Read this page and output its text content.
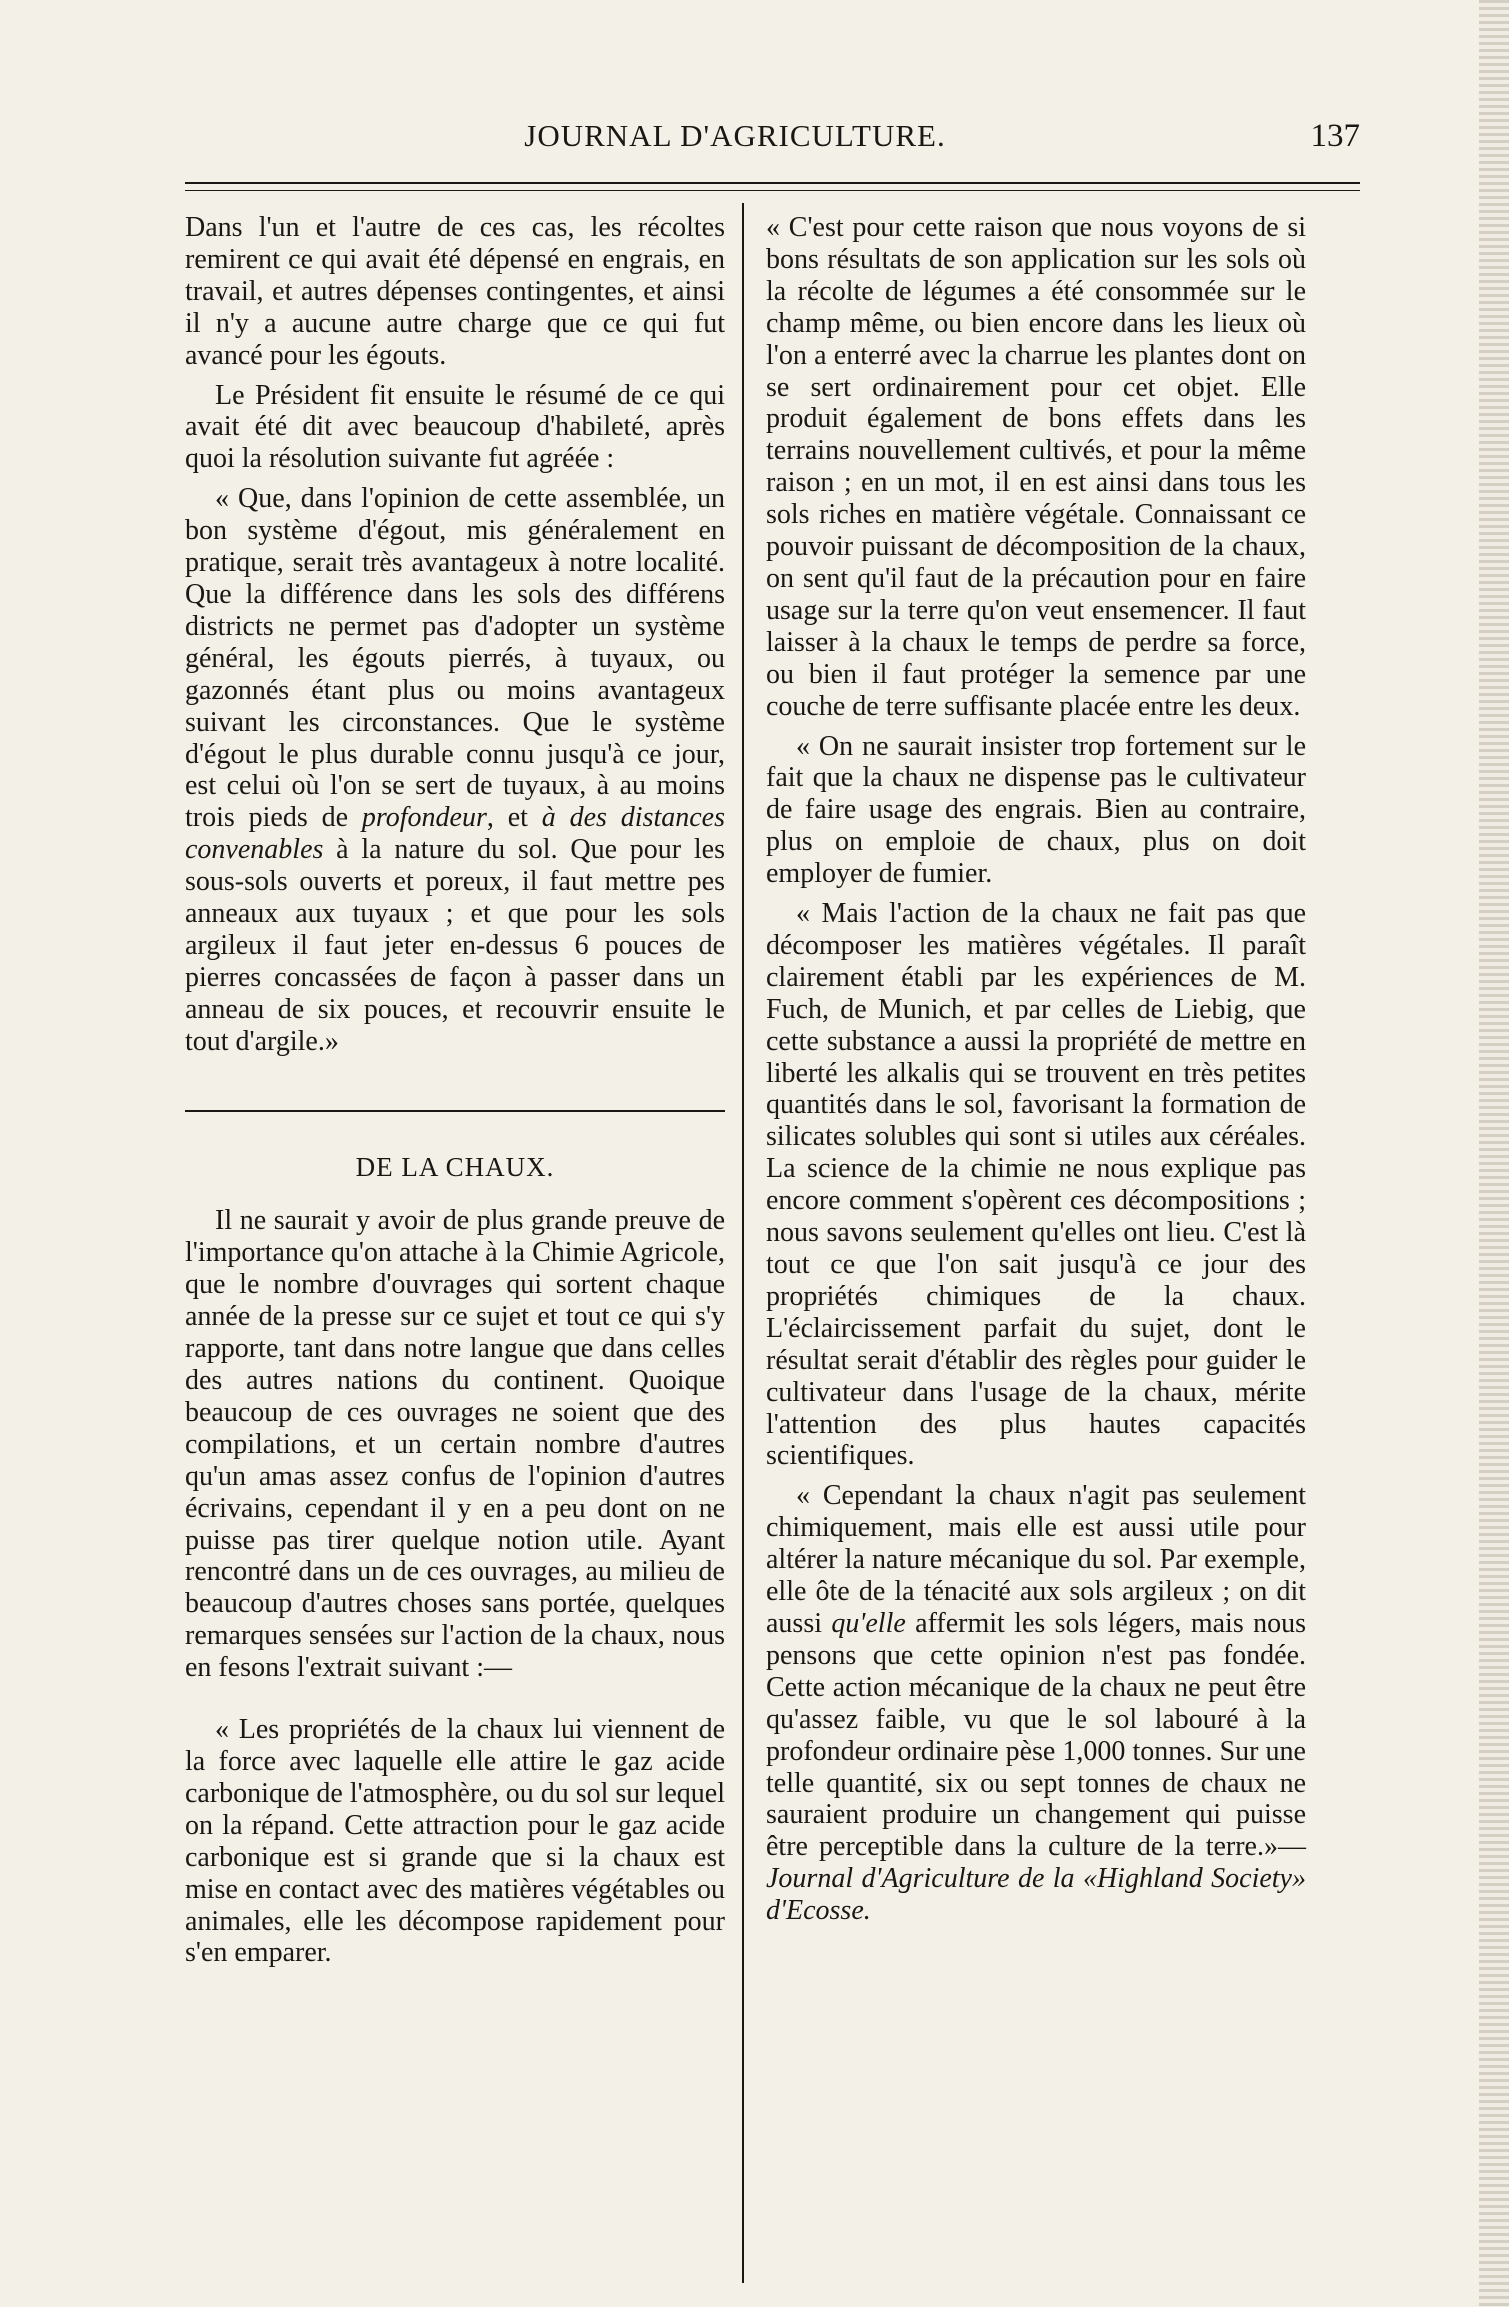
JOURNAL D'AGRICULTURE.	137

Dans l'un et l'autre de ces cas, les récoltes remirent ce qui avait été dépensé en engrais, en travail, et autres dépenses contingentes, et ainsi il n'y a aucune autre charge que ce qui fut avancé pour les égouts.

Le Président fit ensuite le résumé de ce qui avait été dit avec beaucoup d'habileté, après quoi la résolution suivante fut agréée :

« Que, dans l'opinion de cette assemblée, un bon système d'égout, mis généralement en pratique, serait très avantageux à notre localité. Que la différence dans les sols des différens districts ne permet pas d'adopter un système général, les égouts pierrés, à tuyaux, ou gazonnés étant plus ou moins avantageux suivant les circonstances. Que le système d'égout le plus durable connu jusqu'à ce jour, est celui où l'on se sert de tuyaux, à au moins trois pieds de profondeur, et à des distances convenables à la nature du sol. Que pour les sous-sols ouverts et poreux, il faut mettre pes anneaux aux tuyaux ; et que pour les sols argileux il faut jeter en-dessus 6 pouces de pierres concassées de façon à passer dans un anneau de six pouces, et recouvrir ensuite le tout d'argile.»

DE LA CHAUX.

Il ne saurait y avoir de plus grande preuve de l'importance qu'on attache à la Chimie Agricole, que le nombre d'ouvrages qui sortent chaque année de la presse sur ce sujet et tout ce qui s'y rapporte, tant dans notre langue que dans celles des autres nations du continent. Quoique beaucoup de ces ouvrages ne soient que des compilations, et un certain nombre d'autres qu'un amas assez confus de l'opinion d'autres écrivains, cependant il y en a peu dont on ne puisse pas tirer quelque notion utile. Ayant rencontré dans un de ces ouvrages, au milieu de beaucoup d'autres choses sans portée, quelques remarques sensées sur l'action de la chaux, nous en fesons l'extrait suivant :—

« Les propriétés de la chaux lui viennent de la force avec laquelle elle attire le gaz acide carbonique de l'atmosphère, ou du sol sur lequel on la répand. Cette attraction pour le gaz acide carbonique est si grande que si la chaux est mise en contact avec des matières végétables ou animales, elle les décompose rapidement pour s'en emparer.

« C'est pour cette raison que nous voyons de si bons résultats de son application sur les sols où la récolte de légumes a été consommée sur le champ même, ou bien encore dans les lieux où l'on a enterré avec la charrue les plantes dont on se sert ordinairement pour cet objet. Elle produit également de bons effets dans les terrains nouvellement cultivés, et pour la même raison ; en un mot, il en est ainsi dans tous les sols riches en matière végétale. Connaissant ce pouvoir puissant de décomposition de la chaux, on sent qu'il faut de la précaution pour en faire usage sur la terre qu'on veut ensemencer. Il faut laisser à la chaux le temps de perdre sa force, ou bien il faut protéger la semence par une couche de terre suffisante placée entre les deux.

« On ne saurait insister trop fortement sur le fait que la chaux ne dispense pas le cultivateur de faire usage des engrais. Bien au contraire, plus on emploie de chaux, plus on doit employer de fumier.

« Mais l'action de la chaux ne fait pas que décomposer les matières végétales. Il paraît clairement établi par les expériences de M. Fuch, de Munich, et par celles de Liebig, que cette substance a aussi la propriété de mettre en liberté les alkalis qui se trouvent en très petites quantités dans le sol, favorisant la formation de silicates solubles qui sont si utiles aux céréales. La science de la chimie ne nous explique pas encore comment s'opèrent ces décompositions ; nous savons seulement qu'elles ont lieu. C'est là tout ce que l'on sait jusqu'à ce jour des propriétés chimiques de la chaux. L'éclaircissement parfait du sujet, dont le résultat serait d'établir des règles pour guider le cultivateur dans l'usage de la chaux, mérite l'attention des plus hautes capacités scientifiques.

« Cependant la chaux n'agit pas seulement chimiquement, mais elle est aussi utile pour altérer la nature mécanique du sol. Par exemple, elle ôte de la ténacité aux sols argileux ; on dit aussi qu'elle affermit les sols légers, mais nous pensons que cette opinion n'est pas fondée. Cette action mécanique de la chaux ne peut être qu'assez faible, vu que le sol labouré à la profondeur ordinaire pèse 1,000 tonnes. Sur une telle quantité, six ou sept tonnes de chaux ne sauraient produire un changement qui puisse être perceptible dans la culture de la terre.»—Journal d'Agriculture de la «Highland Society» d'Ecosse.
